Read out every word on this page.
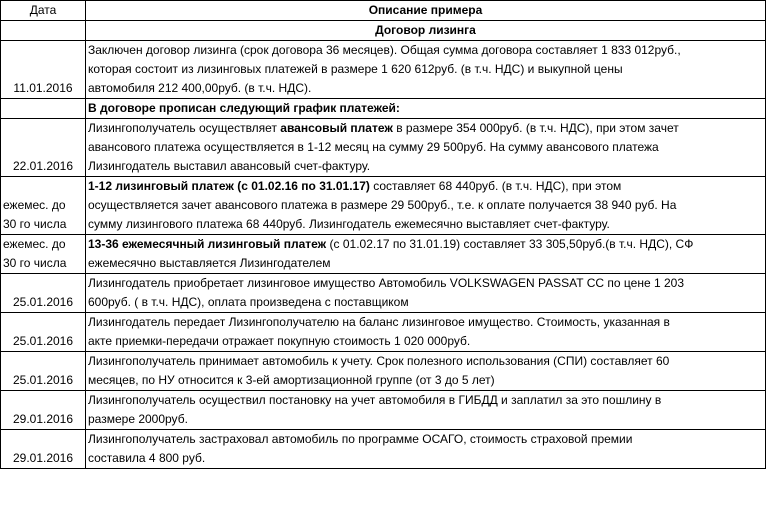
Дата	Описание примера
	Договор лизинга
11.01.2016	Заключен договор лизинга (срок договора 36 месяцев). Общая сумма договора составляет 1 833 012руб.,
которая состоит из лизинговых платежей в размере 1 620 612руб. (в т.ч. НДС) и выкупной цены
автомобиля 212 400,00руб. (в т.ч. НДС).
	В договоре прописан следующий график платежей:
22.01.2016	Лизингополучатель осуществляет авансовый платеж в размере 354 000руб. (в т.ч. НДС), при этом зачет
авансового платежа осуществляется в 1-12 месяц на сумму 29 500руб. На сумму авансового платежа
Лизингодатель выставил авансовый счет-фактуру.
ежемес. до
30 го числа	1-12 лизинговый платеж (с 01.02.16 по 31.01.17) составляет 68 440руб. (в т.ч. НДС), при этом
осуществляется зачет авансового платежа в размере 29 500руб., т.е. к оплате получается 38 940 руб. На
сумму лизингового платежа 68 440руб. Лизингодатель ежемесячно выставляет счет-фактуру.
ежемес. до
30 го числа	13-36 ежемесячный лизинговый платеж (с 01.02.17 по 31.01.19) составляет 33 305,50руб.(в т.ч. НДС), СФ
ежемесячно выставляется Лизингодателем
25.01.2016	Лизингодатель приобретает лизинговое имущество Автомобиль VOLKSWAGEN PASSAT CC по цене 1 203
600руб. ( в т.ч. НДС), оплата произведена с поставщиком
25.01.2016	Лизингодатель передает Лизингополучателю на баланс лизинговое имущество. Стоимость, указанная в
акте приемки-передачи отражает покупную стоимость 1 020 000руб.
25.01.2016	Лизингополучатель принимает автомобиль к учету. Срок полезного использования (СПИ) составляет 60
месяцев, по НУ относится к 3-ей амортизационной группе (от 3 до 5 лет)
29.01.2016	Лизингополучатель осуществил постановку на учет автомобиля в ГИБДД и заплатил за это пошлину в
размере 2000руб.
29.01.2016	Лизингополучатель застраховал автомобиль по программе ОСАГО, стоимость страховой премии
составила 4 800 руб.
